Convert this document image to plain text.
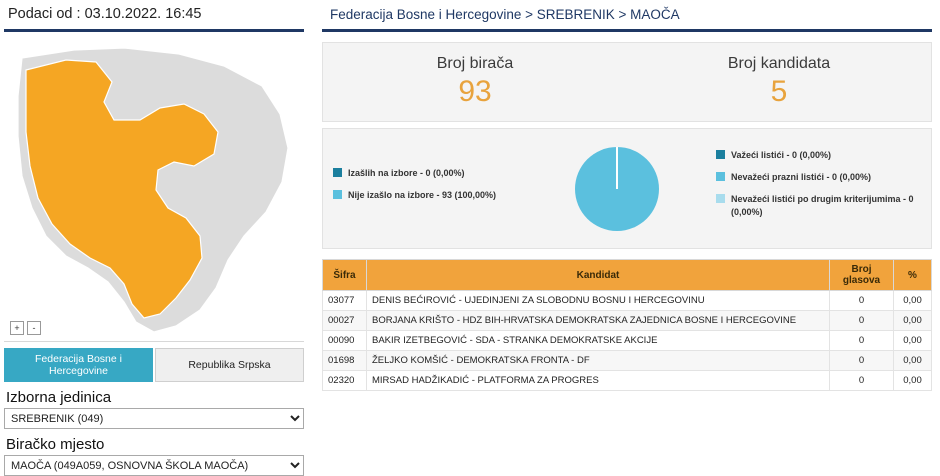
Podaci od : 03.10.2022. 16:45
+	-
Federacija Bosne i Hercegovine	Republika Srpska
Izborna jedinica
SREBRENIK (049)
Biračko mjesto
MAOČA (049A059, OSNOVNA ŠKOLA MAOČA)
Federacija Bosne i Hercegovine > SREBRENIK > MAOČA
Broj birača
93
Broj kandidata
5
Izašlih na izbore - 0 (0,00%)
Nije izašlo na izbore - 93 (100,00%)
Važeći listići - 0 (0,00%)
Nevažeći prazni listići - 0 (0,00%)
Nevažeći listići po drugim kriterijumima - 0 (0,00%)
Šifra	Kandidat	Broj glasova	%
03077	DENIS BEĆIROVIĆ - UJEDINJENI ZA SLOBODNU BOSNU I HERCEGOVINU	0	0,00
00027	BORJANA KRIŠTO - HDZ BIH-HRVATSKA DEMOKRATSKA ZAJEDNICA BOSNE I HERCEGOVINE	0	0,00
00090	BAKIR IZETBEGOVIĆ - SDA - STRANKA DEMOKRATSKE AKCIJE	0	0,00
01698	ŽELJKO KOMŠIĆ - DEMOKRATSKA FRONTA - DF	0	0,00
02320	MIRSAD HADŽIKADIĆ - PLATFORMA ZA PROGRES	0	0,00
